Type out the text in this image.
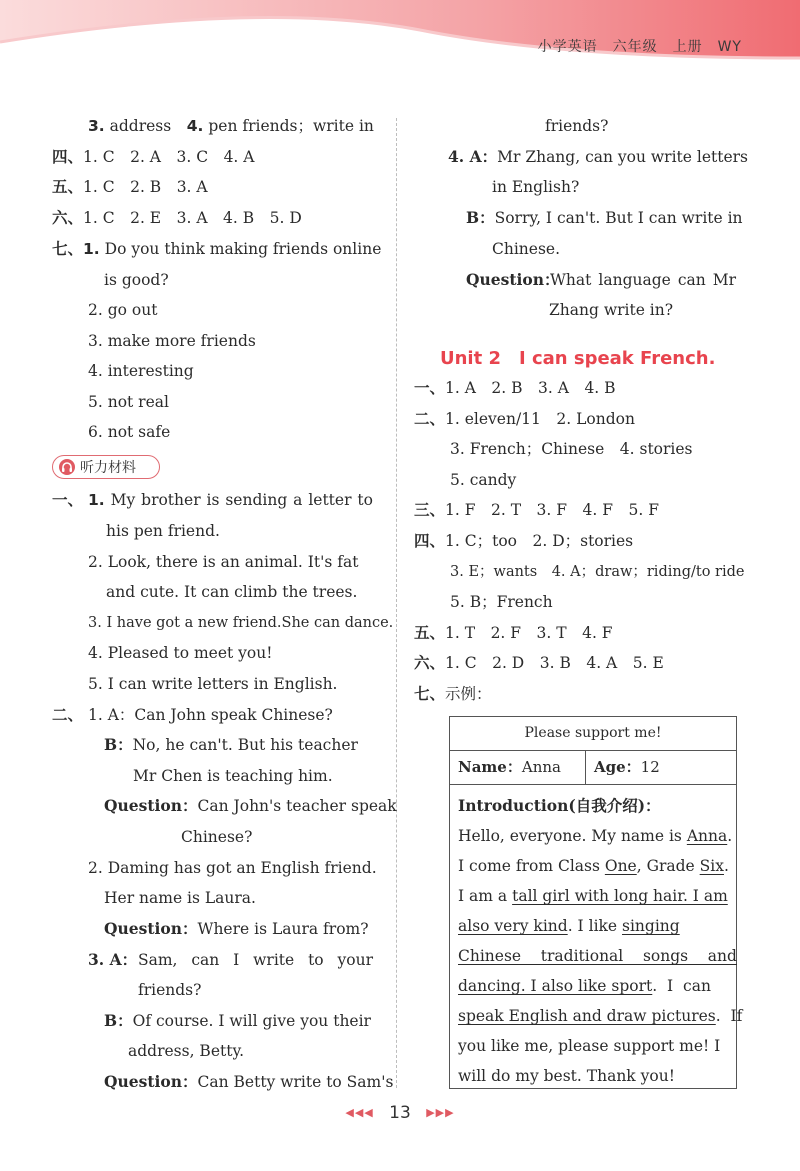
小学英语　六年级　上册　WY
3. address　 4. pen friends；write in
四、1. C　2. A　3. C　4. A
五、1. C　2. B　3. A
六、1. C　2. E　3. A　4. B　5. D
七、1. Do you think making friends online
is good?
2. go out
3. make more friends
4. interesting
5. not real
6. not safe
听力材料
一、 1. My brother is sending a letter to
his pen friend.
2. Look, there is an animal. It's fat
and cute. It can climb the trees.
3. I have got a new friend.She can dance.
4. Pleased to meet you!
5. I can write letters in English.
二、 1. A：Can John speak Chinese?
B：No, he can't. But his teacher
Mr Chen is teaching him.
Question：Can John's teacher speak
Chinese?
2. Daming has got an English friend.
Her name is Laura.
Question：Where is Laura from?
3. A： Sam, can I write to your
friends?
B：Of course. I will give you their
address, Betty.
Question：Can Betty write to Sam's
friends?
4. A：Mr Zhang, can you write letters
in English?
B：Sorry, I can't. But I can write in
Chinese.
Question：
What language can Mr
Zhang write in?
Unit 2　I can speak French.
一、1. A　2. B　3. A　4. B
二、1. eleven/11　2. London
3. French；Chinese　4. stories
5. candy
三、1. F　2. T　3. F　4. F　5. F
四、1. C；too　2. D；stories
3. E；wants　4. A；draw；riding/to ride
5. B；French
五、1. T　2. F　3. T　4. F
六、1. C　2. D　3. B　4. A　5. E
七、示例：
Please support me!
Name：Anna	Age：12
Introduction(自我介绍)：
Hello, everyone. My name is Anna.
I come from Class One, Grade Six.
I am a tall girl with long hair. I am
also very kind. I like singing
Chinese    traditional    songs    and
dancing. I also like sport.  I  can
speak English and draw pictures.  If
you like me, please support me! I
will do my best. Thank you!
◀◀◀ 13 ▶▶▶
